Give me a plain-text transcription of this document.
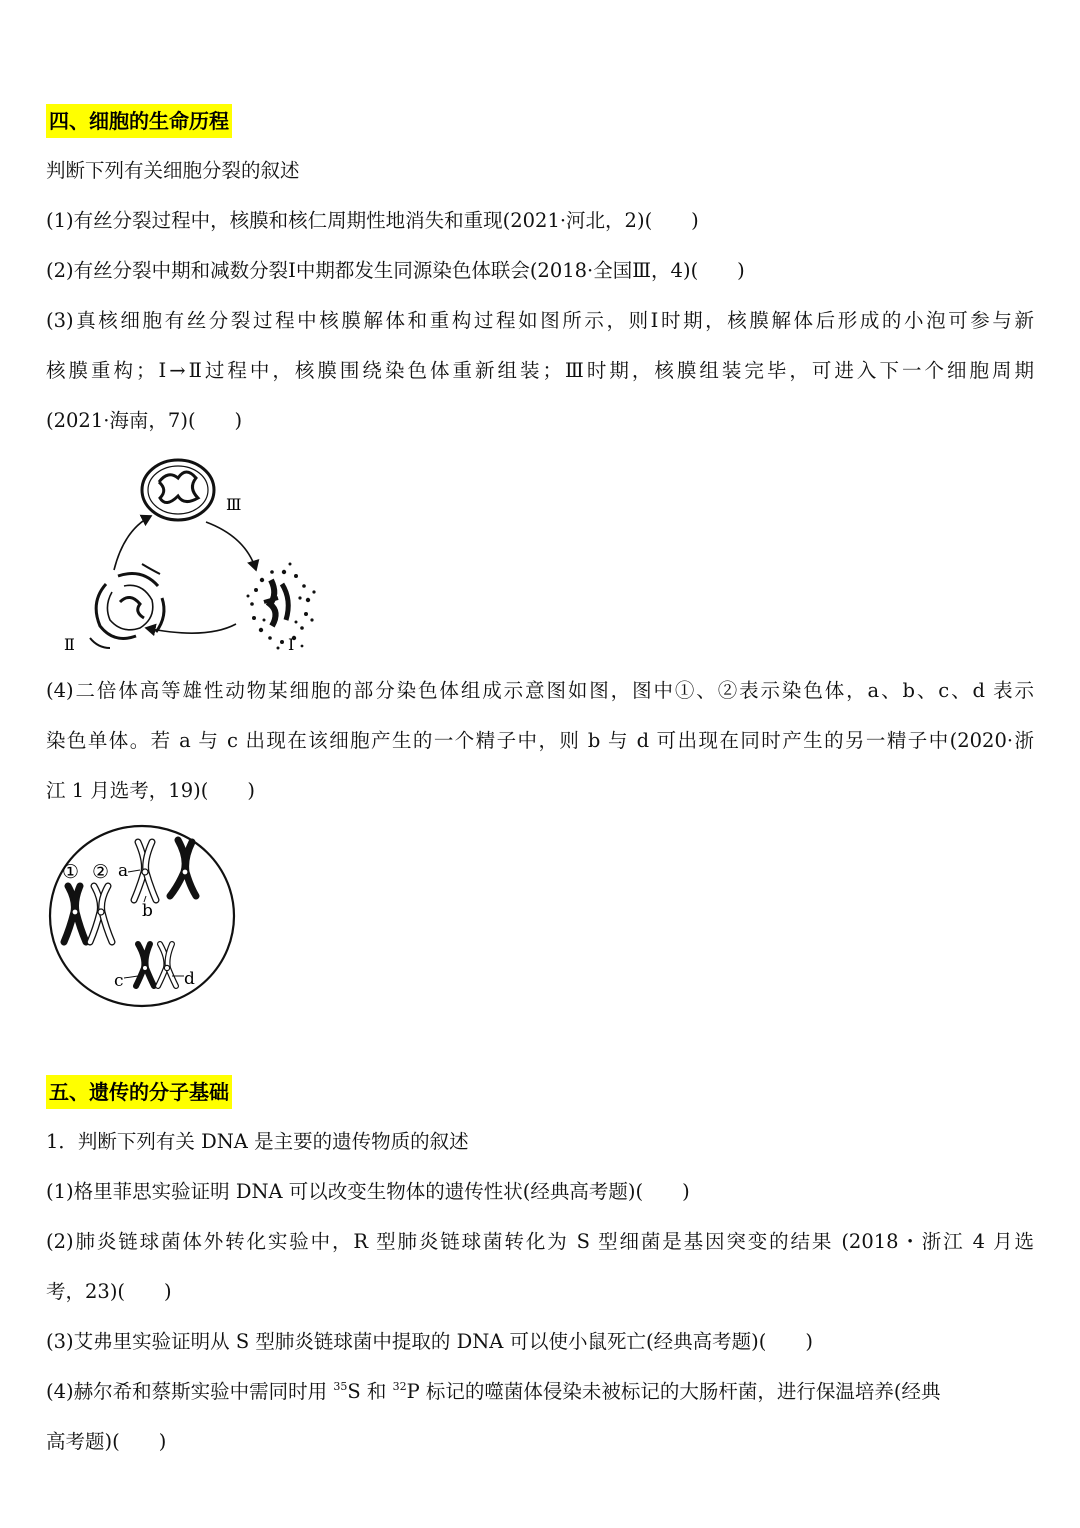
四、细胞的生命历程
判断下列有关细胞分裂的叙述
(1)有丝分裂过程中，核膜和核仁周期性地消失和重现(2021·河北，2)(　　)
(2)有丝分裂中期和减数分裂Ⅰ中期都发生同源染色体联会(2018·全国Ⅲ，4)(　　)
(3)真核细胞有丝分裂过程中核膜解体和重构过程如图所示，则Ⅰ时期，核膜解体后形成的小泡可参与新
核膜重构；Ⅰ→Ⅱ过程中，核膜围绕染色体重新组装；Ⅲ时期，核膜组装完毕，可进入下一个细胞周期
(2021·海南，7)(　　)
Ⅲ
Ⅰ
Ⅱ
(4)二倍体高等雄性动物某细胞的部分染色体组成示意图如图，图中①、②表示染色体，a、b、c、d 表示
染色单体。若 a 与 c 出现在该细胞产生的一个精子中，则 b 与 d 可出现在同时产生的另一精子中(2020·浙
江 1 月选考，19)(　　)
① ② a
b
c	d
五、遗传的分子基础
1．判断下列有关 DNA 是主要的遗传物质的叙述
(1)格里菲思实验证明 DNA 可以改变生物体的遗传性状(经典高考题)(　　)
(2)肺炎链球菌体外转化实验中，R 型肺炎链球菌转化为 S 型细菌是基因突变的结果 (2018・浙江 4 月选
考，23)(　　)
(3)艾弗里实验证明从 S 型肺炎链球菌中提取的 DNA 可以使小鼠死亡(经典高考题)(　　)
(4)赫尔希和蔡斯实验中需同时用 $^{35}$S 和 $^{32}$P 标记的噬菌体侵染未被标记的大肠杆菌，进行保温培养(经典
高考题)(　　)
